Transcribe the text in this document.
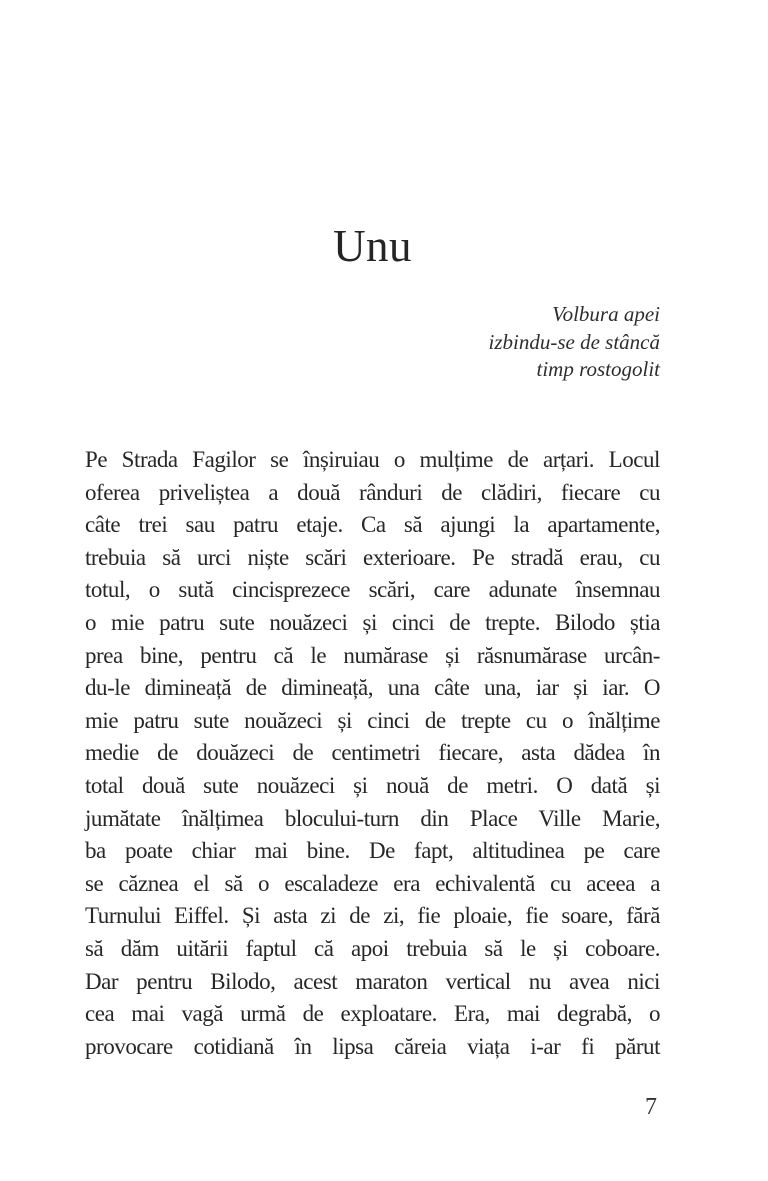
Unu
Volbura apei
izbindu-se de stâncă
timp rostogolit
Pe Strada Fagilor se înșiruiau o mulțime de arțari. Locul
oferea priveliștea a două rânduri de clădiri, fiecare cu
câte trei sau patru etaje. Ca să ajungi la apartamente,
trebuia să urci niște scări exterioare. Pe stradă erau, cu
totul, o sută cincisprezece scări, care adunate însemnau
o mie patru sute nouăzeci și cinci de trepte. Bilodo știa
prea bine, pentru că le numărase și răsnumărase urcân-
du-le dimineață de dimineață, una câte una, iar și iar. O
mie patru sute nouăzeci și cinci de trepte cu o înălțime
medie de douăzeci de centimetri fiecare, asta dădea în
total două sute nouăzeci și nouă de metri. O dată și
jumătate înălțimea blocului-turn din Place Ville Marie,
ba poate chiar mai bine. De fapt, altitudinea pe care
se căznea el să o escaladeze era echivalentă cu aceea a
Turnului Eiffel. Și asta zi de zi, fie ploaie, fie soare, fără
să dăm uitării faptul că apoi trebuia să le și coboare.
Dar pentru Bilodo, acest maraton vertical nu avea nici
cea mai vagă urmă de exploatare. Era, mai degrabă, o
provocare cotidiană în lipsa căreia viața i-ar fi părut
7
